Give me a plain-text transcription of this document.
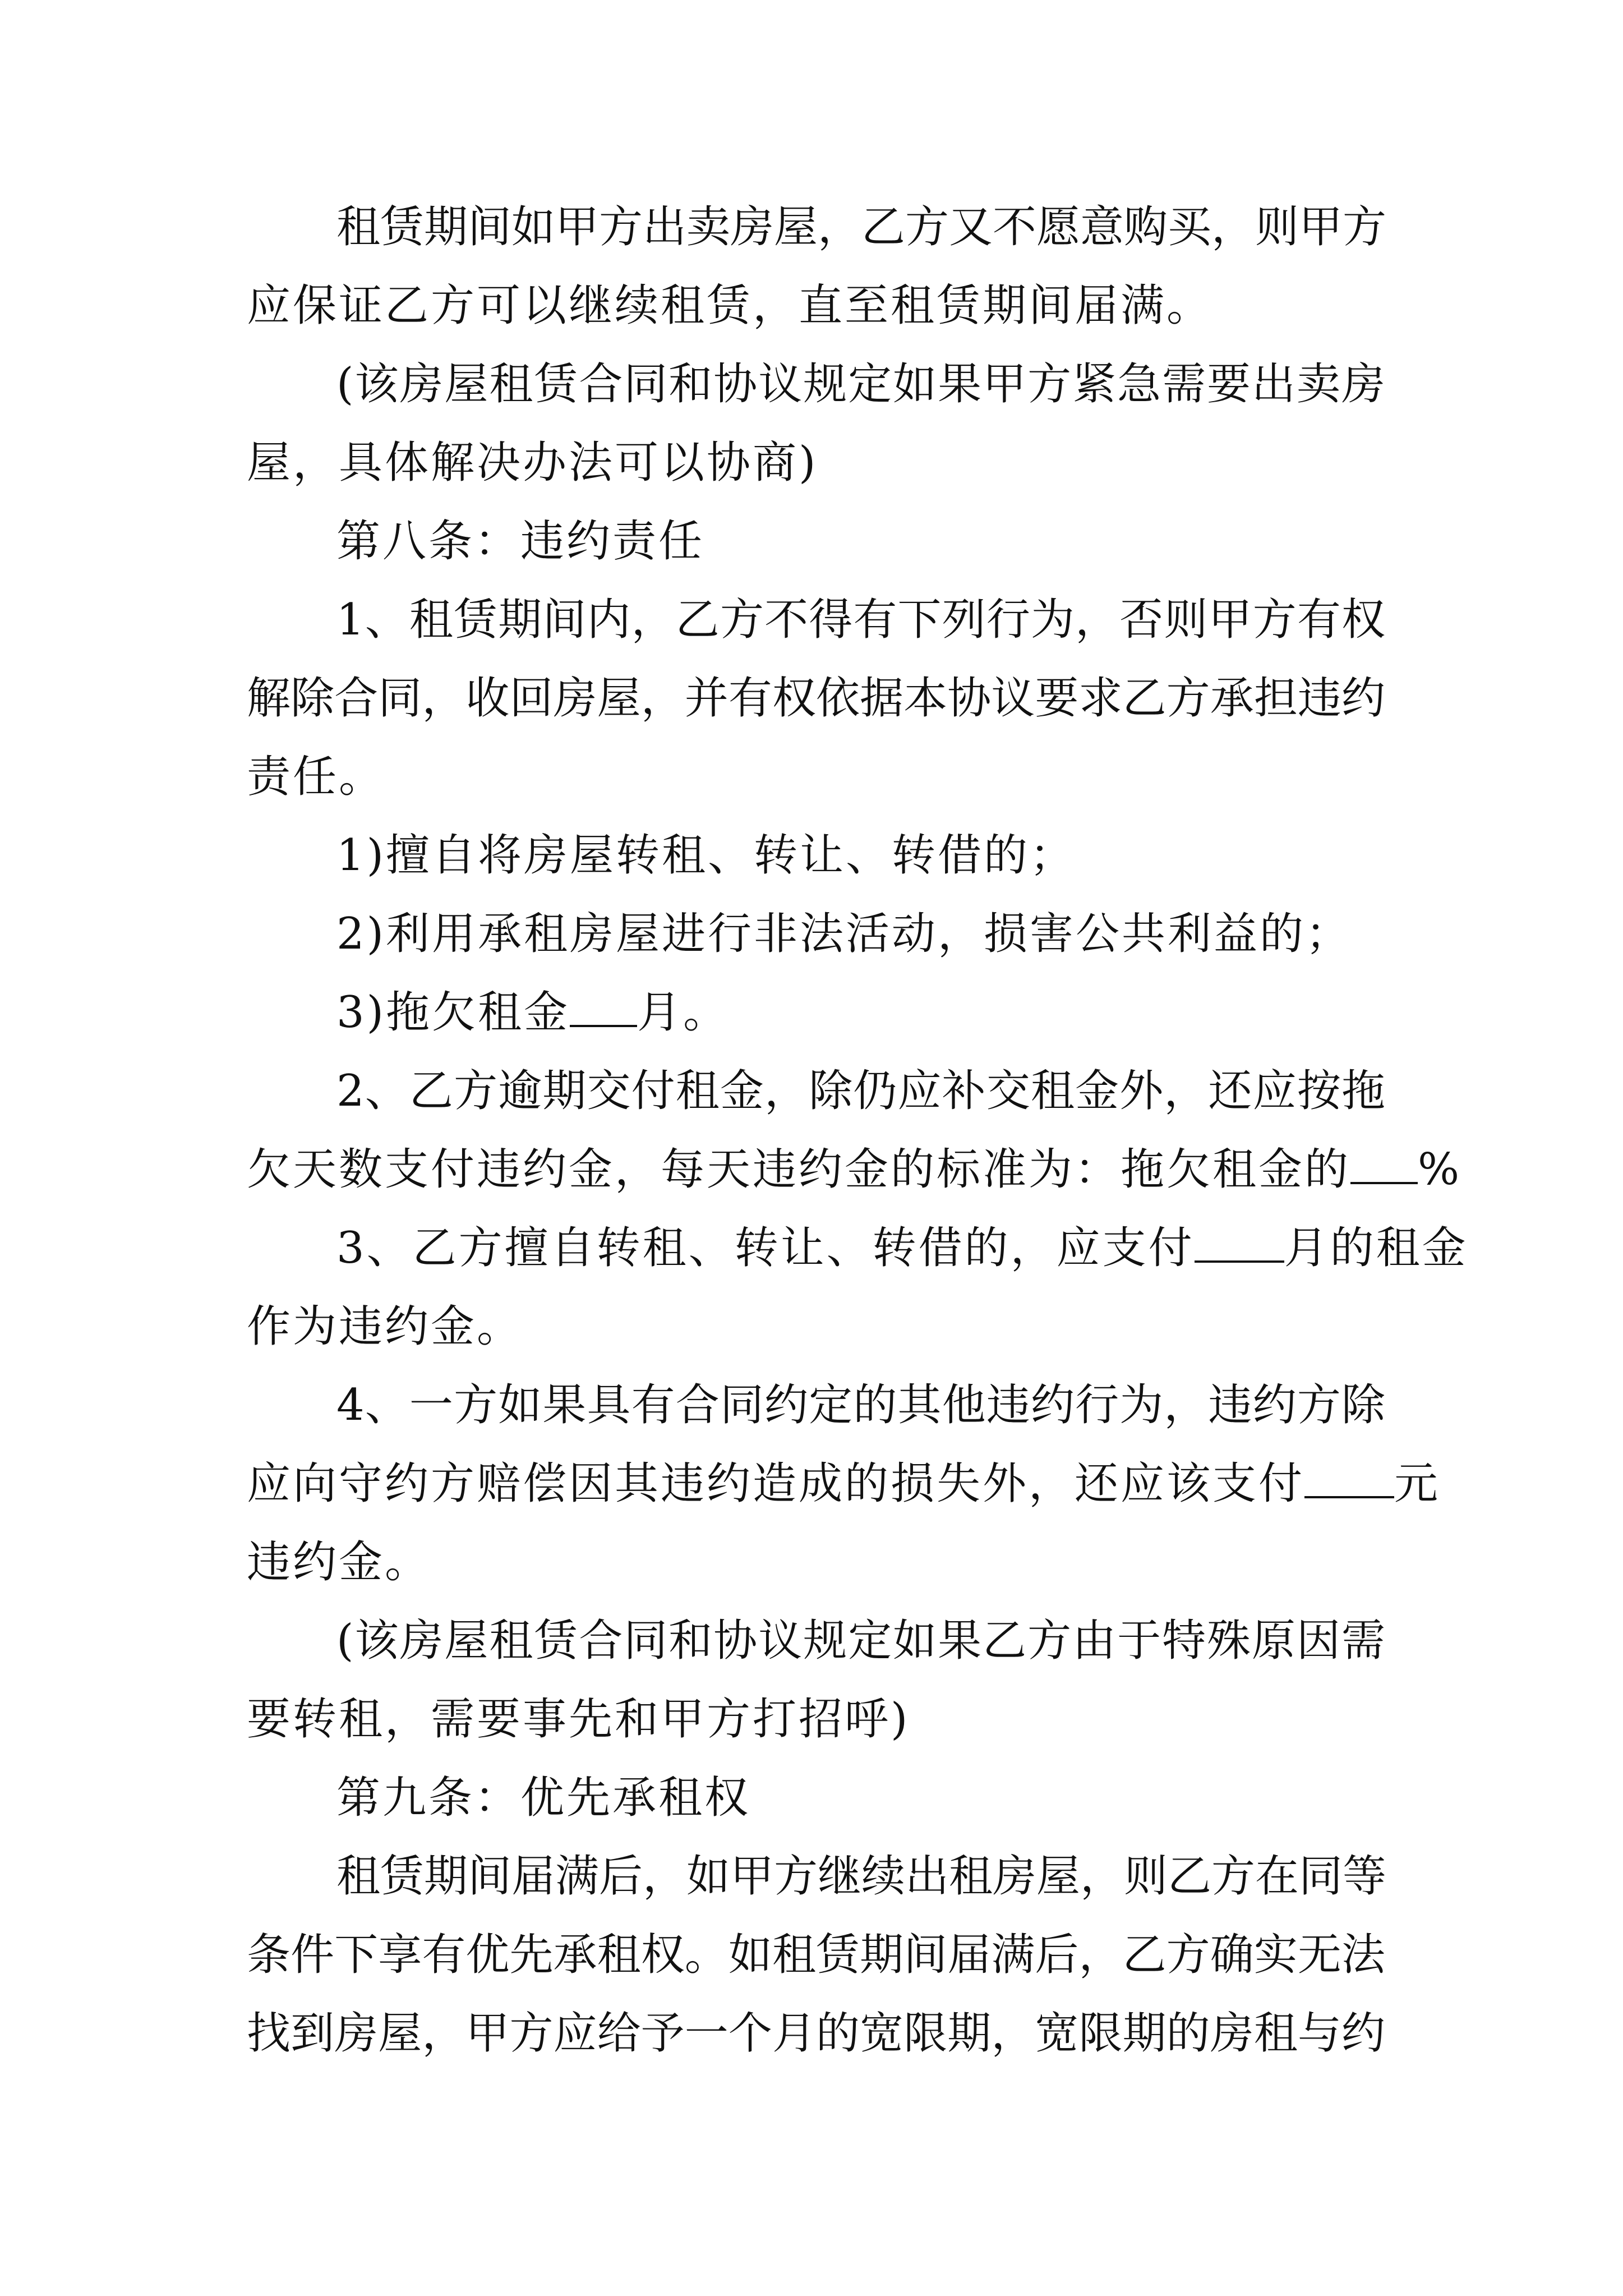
租赁期间如甲方出卖房屋，乙方又不愿意购买，则甲方
应保证乙方可以继续租赁，直至租赁期间届满。
(该房屋租赁合同和协议规定如果甲方紧急需要出卖房
屋，具体解决办法可以协商)
第八条：违约责任
1、租赁期间内，乙方不得有下列行为，否则甲方有权
解除合同，收回房屋，并有权依据本协议要求乙方承担违约
责任。
1)擅自将房屋转租、转让、转借的；
2)利用承租房屋进行非法活动，损害公共利益的；
3)拖欠租金 月。
2、乙方逾期交付租金，除仍应补交租金外，还应按拖
欠天数支付违约金，每天违约金的标准为：拖欠租金的 %
3、乙方擅自转租、转让、转借的，应支付 月的租金
作为违约金。
4、一方如果具有合同约定的其他违约行为，违约方除
应向守约方赔偿因其违约造成的损失外，还应该支付 元
违约金。
(该房屋租赁合同和协议规定如果乙方由于特殊原因需
要转租，需要事先和甲方打招呼)
第九条：优先承租权
租赁期间届满后，如甲方继续出租房屋，则乙方在同等
条件下享有优先承租权。如租赁期间届满后，乙方确实无法
找到房屋，甲方应给予一个月的宽限期，宽限期的房租与约
